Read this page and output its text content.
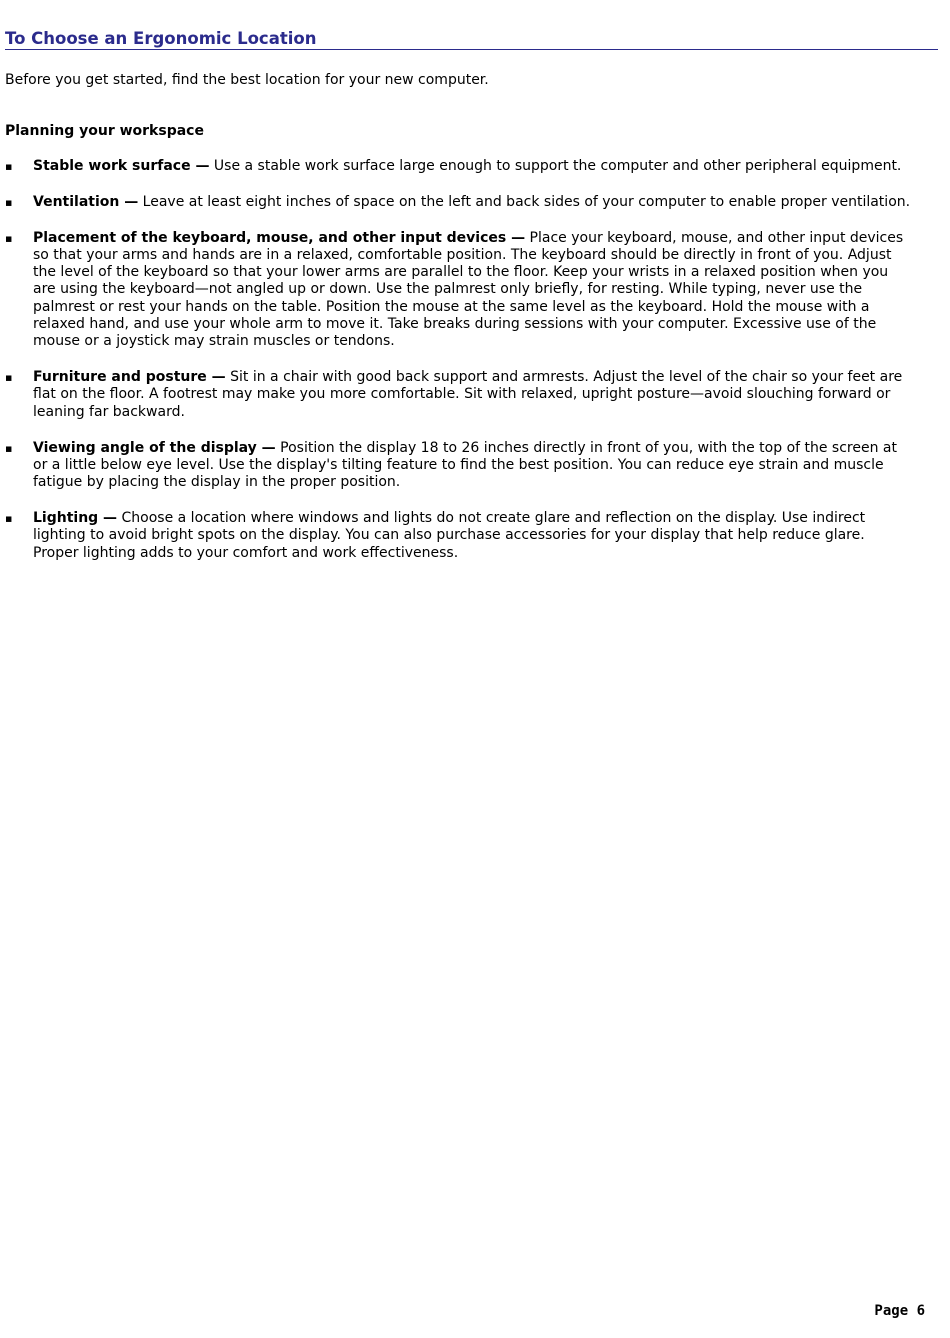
To Choose an Ergonomic Location
Before you get started, find the best location for your new computer.
Planning your workspace
▪ Stable work surface — Use a stable work surface large enough to support the computer and other peripheral equipment.
▪ Ventilation — Leave at least eight inches of space on the left and back sides of your computer to enable proper ventilation.
▪ Placement of the keyboard, mouse, and other input devices — Place your keyboard, mouse, and other input devices so that your arms and hands are in a relaxed, comfortable position. The keyboard should be directly in front of you. Adjust the level of the keyboard so that your lower arms are parallel to the floor. Keep your wrists in a relaxed position when you are using the keyboard—not angled up or down. Use the palmrest only briefly, for resting. While typing, never use the palmrest or rest your hands on the table. Position the mouse at the same level as the keyboard. Hold the mouse with a relaxed hand, and use your whole arm to move it. Take breaks during sessions with your computer. Excessive use of the mouse or a joystick may strain muscles or tendons.
▪ Furniture and posture — Sit in a chair with good back support and armrests. Adjust the level of the chair so your feet are flat on the floor. A footrest may make you more comfortable. Sit with relaxed, upright posture—avoid slouching forward or leaning far backward.
▪ Viewing angle of the display — Position the display 18 to 26 inches directly in front of you, with the top of the screen at or a little below eye level. Use the display's tilting feature to find the best position. You can reduce eye strain and muscle fatigue by placing the display in the proper position.
▪ Lighting — Choose a location where windows and lights do not create glare and reflection on the display. Use indirect lighting to avoid bright spots on the display. You can also purchase accessories for your display that help reduce glare. Proper lighting adds to your comfort and work effectiveness.
Page 6
